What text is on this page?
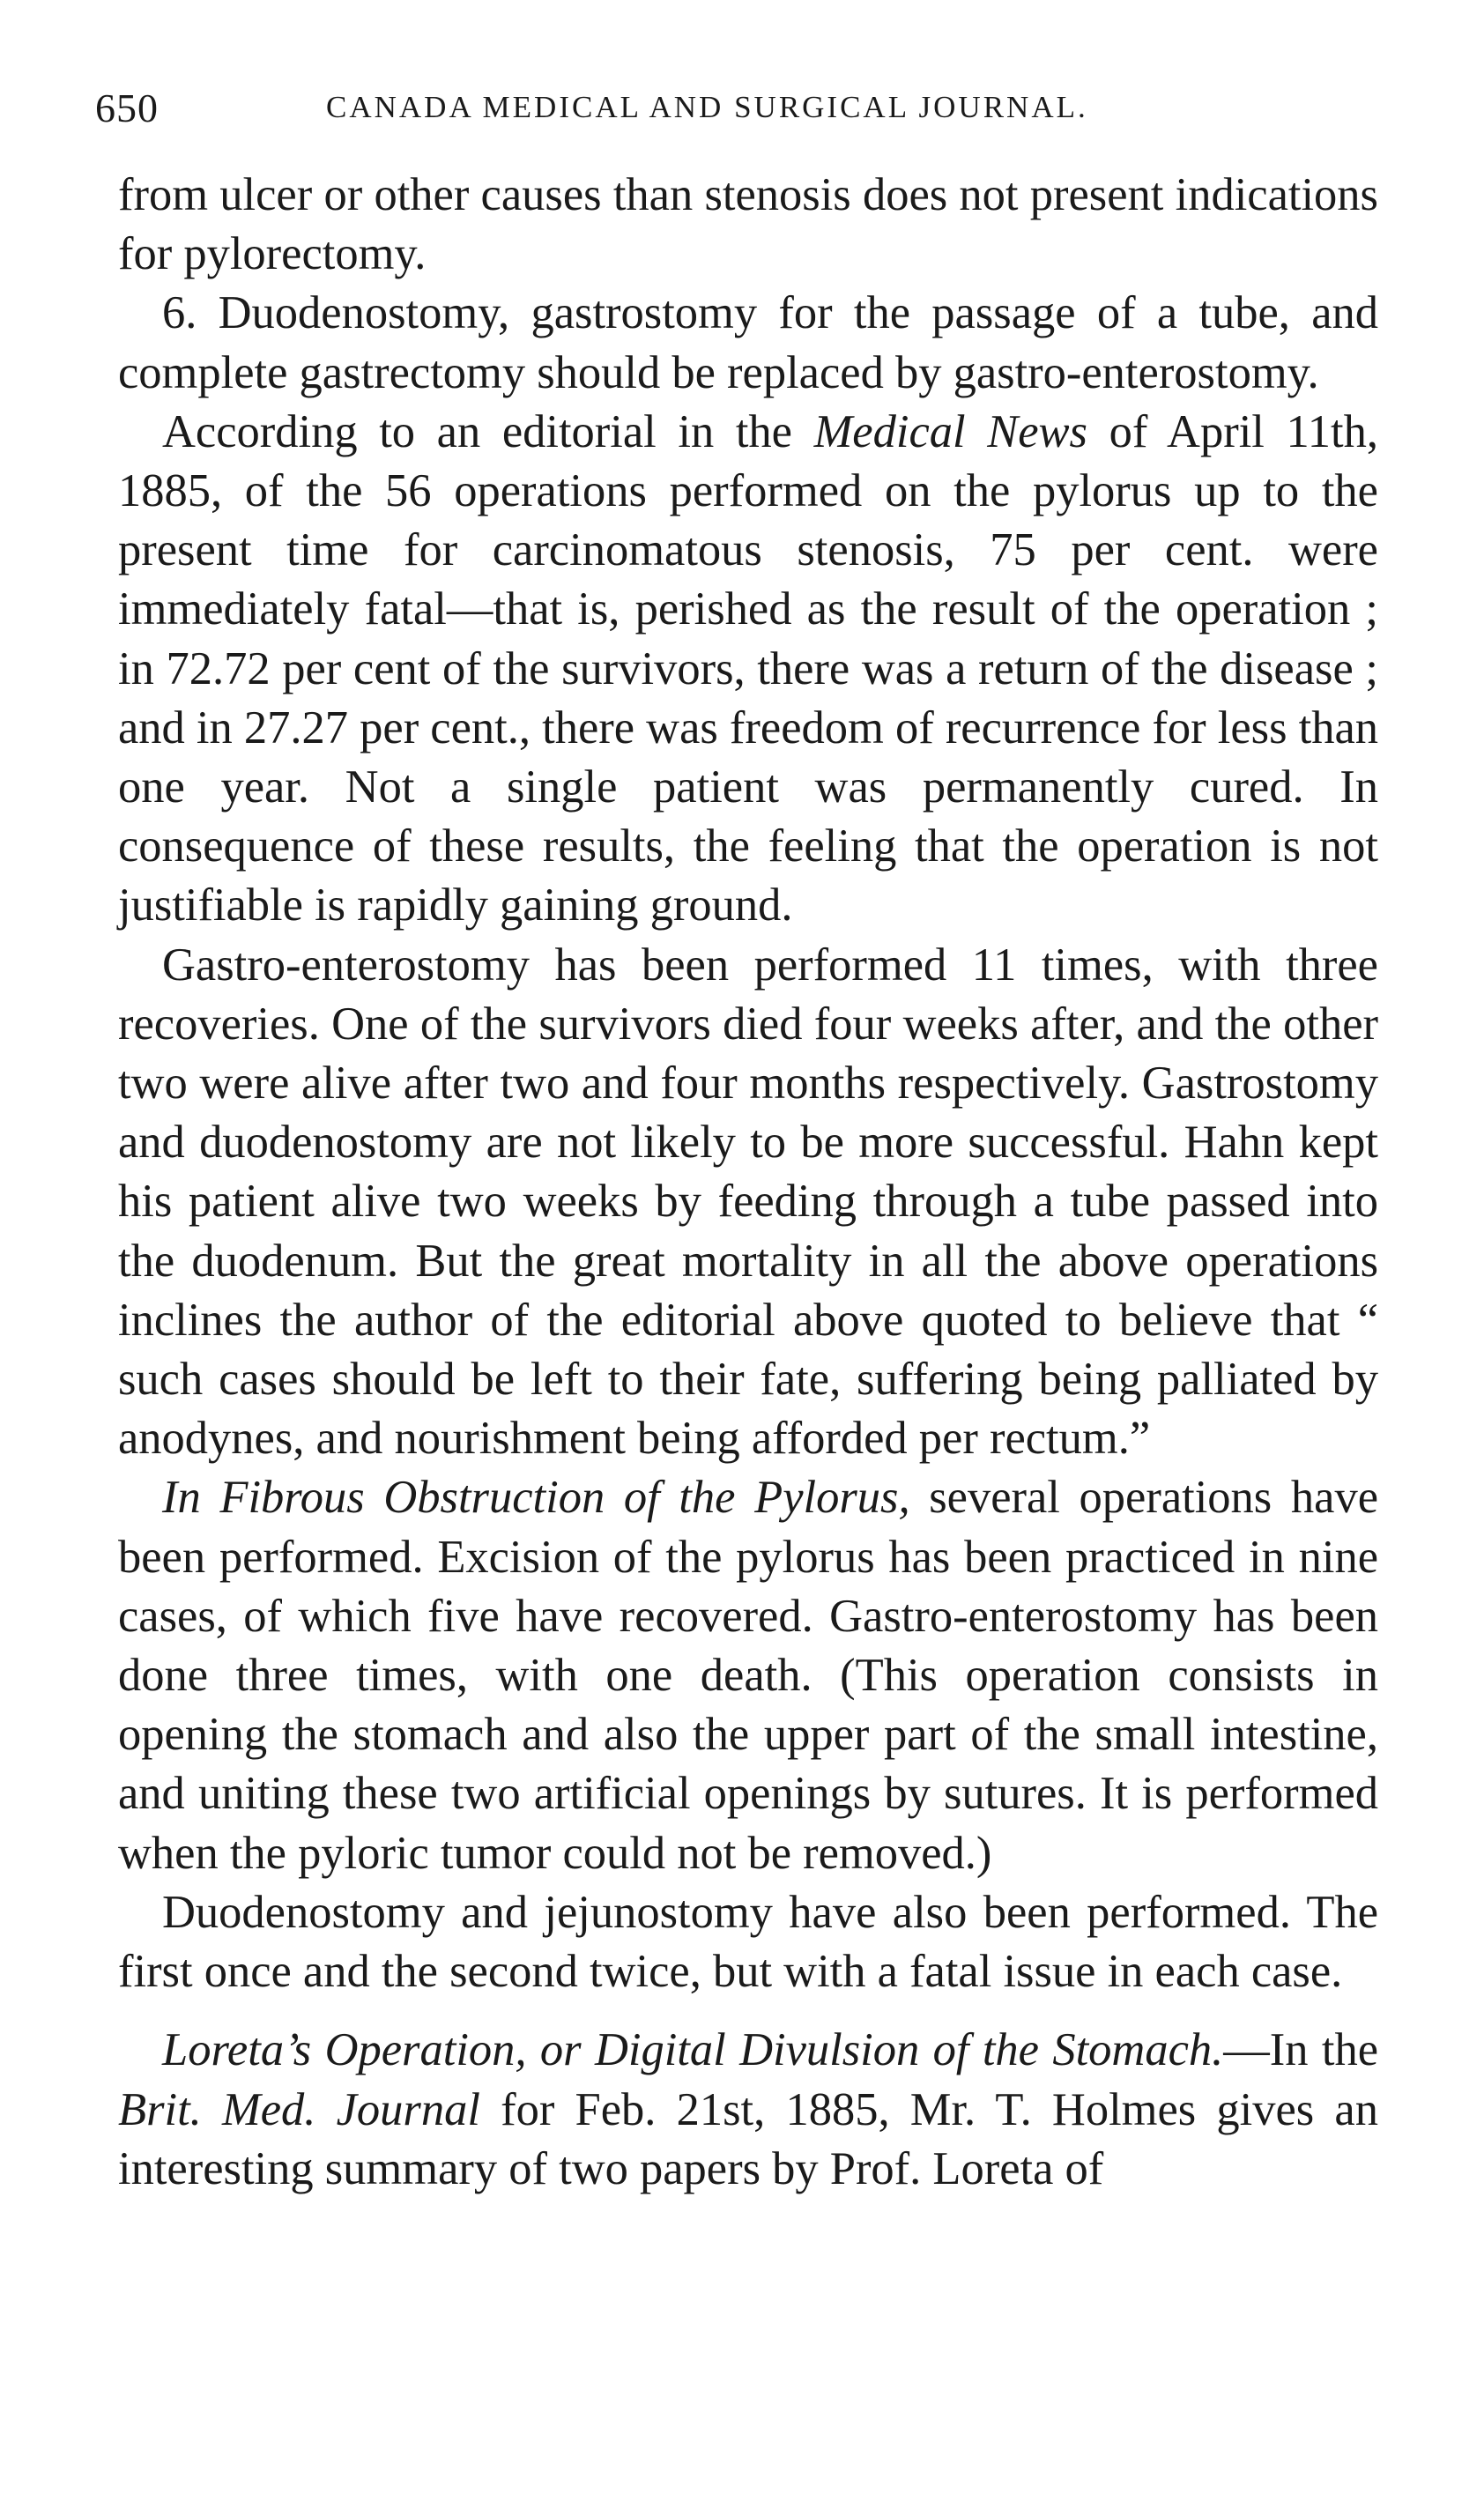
650	CANADA MEDICAL AND SURGICAL JOURNAL.

from ulcer or other causes than stenosis does not present indications for pylorectomy.

6. Duodenostomy, gastrostomy for the passage of a tube, and complete gastrectomy should be replaced by gastro-enterostomy.

According to an editorial in the Medical News of April 11th, 1885, of the 56 operations performed on the pylorus up to the present time for carcinomatous stenosis, 75 per cent. were immediately fatal—that is, perished as the result of the operation ; in 72.72 per cent of the survivors, there was a return of the disease ; and in 27.27 per cent., there was freedom of recurrence for less than one year. Not a single patient was permanently cured. In consequence of these results, the feeling that the operation is not justifiable is rapidly gaining ground.

Gastro-enterostomy has been performed 11 times, with three recoveries. One of the survivors died four weeks after, and the other two were alive after two and four months respectively. Gastrostomy and duodenostomy are not likely to be more successful. Hahn kept his patient alive two weeks by feeding through a tube passed into the duodenum. But the great mortality in all the above operations inclines the author of the editorial above quoted to believe that “ such cases should be left to their fate, suffering being palliated by anodynes, and nourishment being afforded per rectum.”

In Fibrous Obstruction of the Pylorus, several operations have been performed. Excision of the pylorus has been practiced in nine cases, of which five have recovered. Gastro-enterostomy has been done three times, with one death. (This operation consists in opening the stomach and also the upper part of the small intestine, and uniting these two artificial openings by sutures. It is performed when the pyloric tumor could not be removed.)

Duodenostomy and jejunostomy have also been performed. The first once and the second twice, but with a fatal issue in each case.

Loreta’s Operation, or Digital Divulsion of the Stomach.—In the Brit. Med. Journal for Feb. 21st, 1885, Mr. T. Holmes gives an interesting summary of two papers by Prof. Loreta of
